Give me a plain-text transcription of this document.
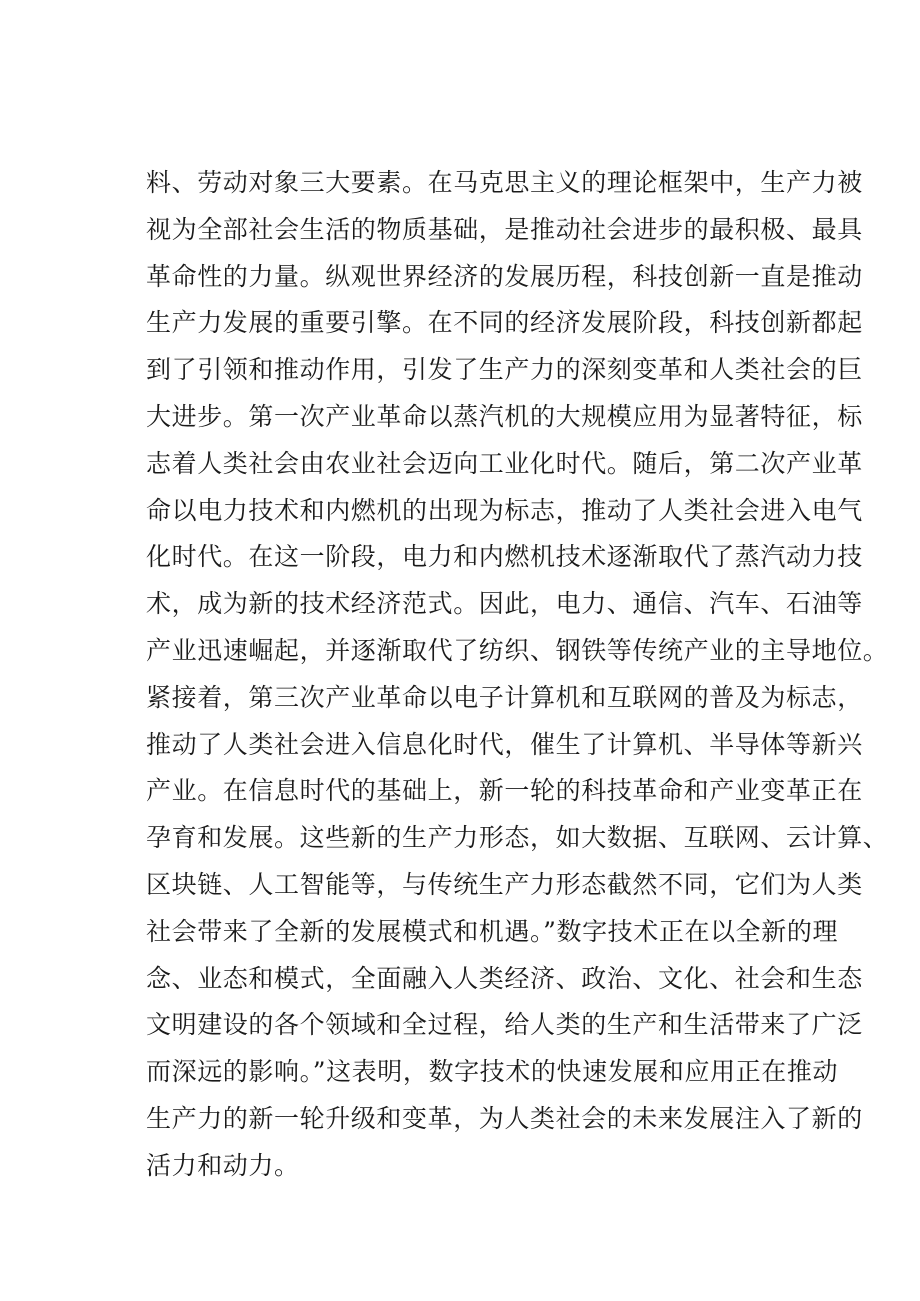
料、劳动对象三大要素。在马克思主义的理论框架中，生产力被
视为全部社会生活的物质基础，是推动社会进步的最积极、最具
革命性的力量。纵观世界经济的发展历程，科技创新一直是推动
生产力发展的重要引擎。在不同的经济发展阶段，科技创新都起
到了引领和推动作用，引发了生产力的深刻变革和人类社会的巨
大进步。第一次产业革命以蒸汽机的大规模应用为显著特征，标
志着人类社会由农业社会迈向工业化时代。随后，第二次产业革
命以电力技术和内燃机的出现为标志，推动了人类社会进入电气
化时代。在这一阶段，电力和内燃机技术逐渐取代了蒸汽动力技
术，成为新的技术经济范式。因此，电力、通信、汽车、石油等
产业迅速崛起，并逐渐取代了纺织、钢铁等传统产业的主导地位。
紧接着，第三次产业革命以电子计算机和互联网的普及为标志，
推动了人类社会进入信息化时代，催生了计算机、半导体等新兴
产业。在信息时代的基础上，新一轮的科技革命和产业变革正在
孕育和发展。这些新的生产力形态，如大数据、互联网、云计算、
区块链、人工智能等，与传统生产力形态截然不同，它们为人类
社会带来了全新的发展模式和机遇。”数字技术正在以全新的理
念、业态和模式，全面融入人类经济、政治、文化、社会和生态
文明建设的各个领域和全过程，给人类的生产和生活带来了广泛
而深远的影响。”这表明，数字技术的快速发展和应用正在推动
生产力的新一轮升级和变革，为人类社会的未来发展注入了新的
活力和动力。
